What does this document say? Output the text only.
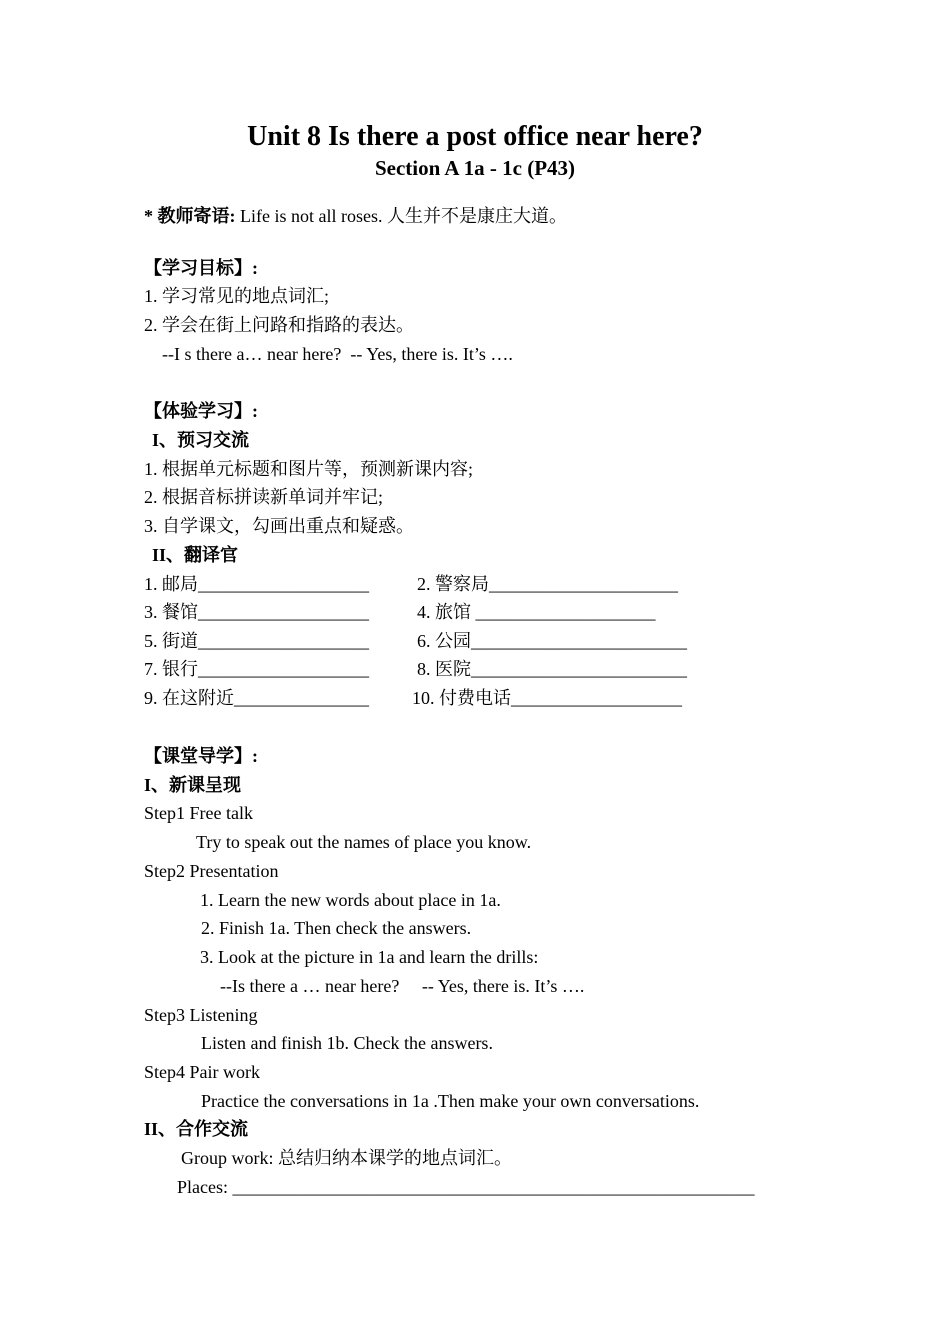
Unit 8 Is there a post office near here?
Section A 1a - 1c (P43)
* 教师寄语: Life is not all roses. 人生并不是康庄大道。
【学习目标】:
1. 学习常见的地点词汇;
2. 学会在街上问路和指路的表达。
--I s there a… near here?  -- Yes, there is. It’s ….
【体验学习】:
I、预习交流
1. 根据单元标题和图片等，预测新课内容;
2. 根据音标拼读新单词并牢记;
3. 自学课文，勾画出重点和疑惑。
II、翻译官
1. 邮局___________________	2. 警察局_____________________
3. 餐馆___________________	4. 旅馆 ____________________
5. 街道___________________	6. 公园________________________
7. 银行___________________	8. 医院________________________
9. 在这附近_______________ 10. 付费电话___________________
【课堂导学】:
I、新课呈现
Step1 Free talk
Try to speak out the names of place you know.
Step2 Presentation
1. Learn the new words about place in 1a.
2. Finish 1a. Then check the answers.
3. Look at the picture in 1a and learn the drills:
--Is there a … near here?     -- Yes, there is. It’s ….
Step3 Listening
Listen and finish 1b. Check the answers.
Step4 Pair work
Practice the conversations in 1a .Then make your own conversations.
II、合作交流
Group work: 总结归纳本课学的地点词汇。
Places: __________________________________________________________
